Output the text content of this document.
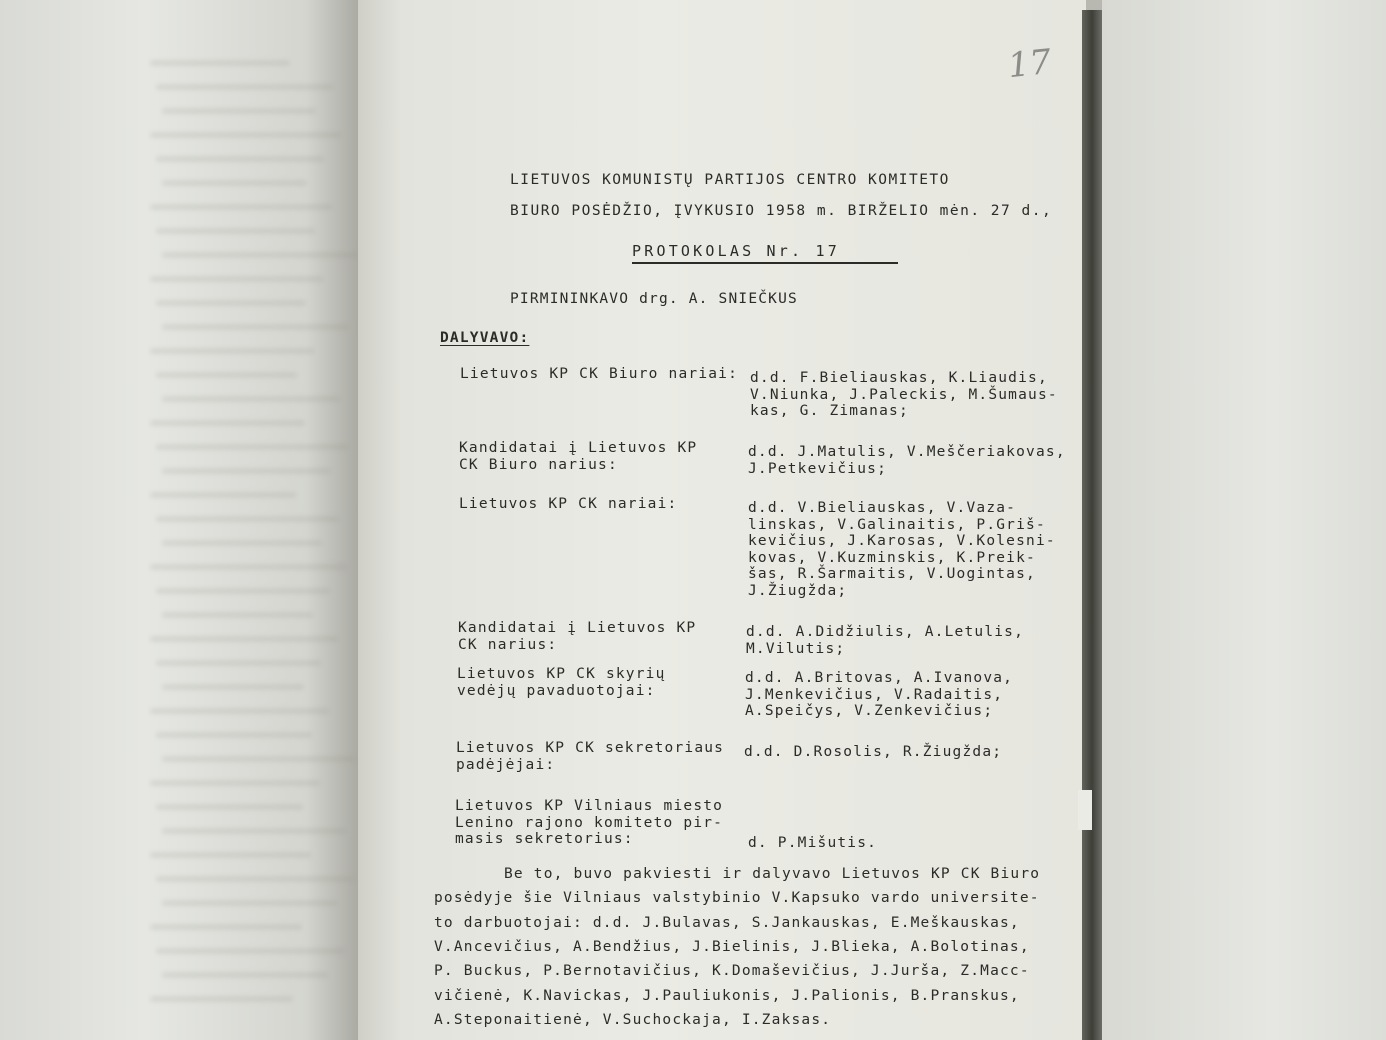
17
LIETUVOS KOMUNISTŲ PARTIJOS CENTRO KOMITETO
BIURO POSĖDŽIO, ĮVYKUSIO 1958 m. BIRŽELIO mėn. 27 d.,
PROTOKOLAS Nr. 17
PIRMININKAVO drg. A. SNIEČKUS
DALYVAVO:
Lietuvos KP CK Biuro nariai: d.d. F.Bieliauskas, K.Liaudis,
V.Niunka, J.Paleckis, M.Šumaus-
kas, G. Zimanas;
Kandidatai į Lietuvos KP
CK Biuro narius:
d.d. J.Matulis, V.Meščeriakovas,
J.Petkevičius;
Lietuvos KP CK nariai:	d.d. V.Bieliauskas, V.Vaza-
linskas, V.Galinaitis, P.Griš-
kevičius, J.Karosas, V.Kolesni-
kovas, V.Kuzminskis, K.Preik-
šas, R.Šarmaitis, V.Uogintas,
J.Žiugžda;
Kandidatai į Lietuvos KP
CK narius:
d.d. A.Didžiulis, A.Letulis,
M.Vilutis;
Lietuvos KP CK skyrių
vedėjų pavaduotojai:
d.d. A.Britovas, A.Ivanova,
J.Menkevičius, V.Radaitis,
A.Speičys, V.Zenkevičius;
Lietuvos KP CK sekretoriaus
padėjėjai:
d.d. D.Rosolis, R.Žiugžda;
Lietuvos KP Vilniaus miesto
Lenino rajono komiteto pir-
masis sekretorius:	d. P.Mišutis.
Be to, buvo pakviesti ir dalyvavo Lietuvos KP CK Biuro
posėdyje šie Vilniaus valstybinio V.Kapsuko vardo universite-
to darbuotojai: d.d. J.Bulavas, S.Jankauskas, E.Meškauskas,
V.Ancevičius, A.Bendžius, J.Bielinis, J.Blieka, A.Bolotinas,
P. Buckus, P.Bernotavičius, K.Domaševičius, J.Jurša, Z.Macc-
vičienė, K.Navickas, J.Pauliukonis, J.Palionis, B.Pranskus,
A.Steponaitienė, V.Suchockaja, I.Zaksas.
